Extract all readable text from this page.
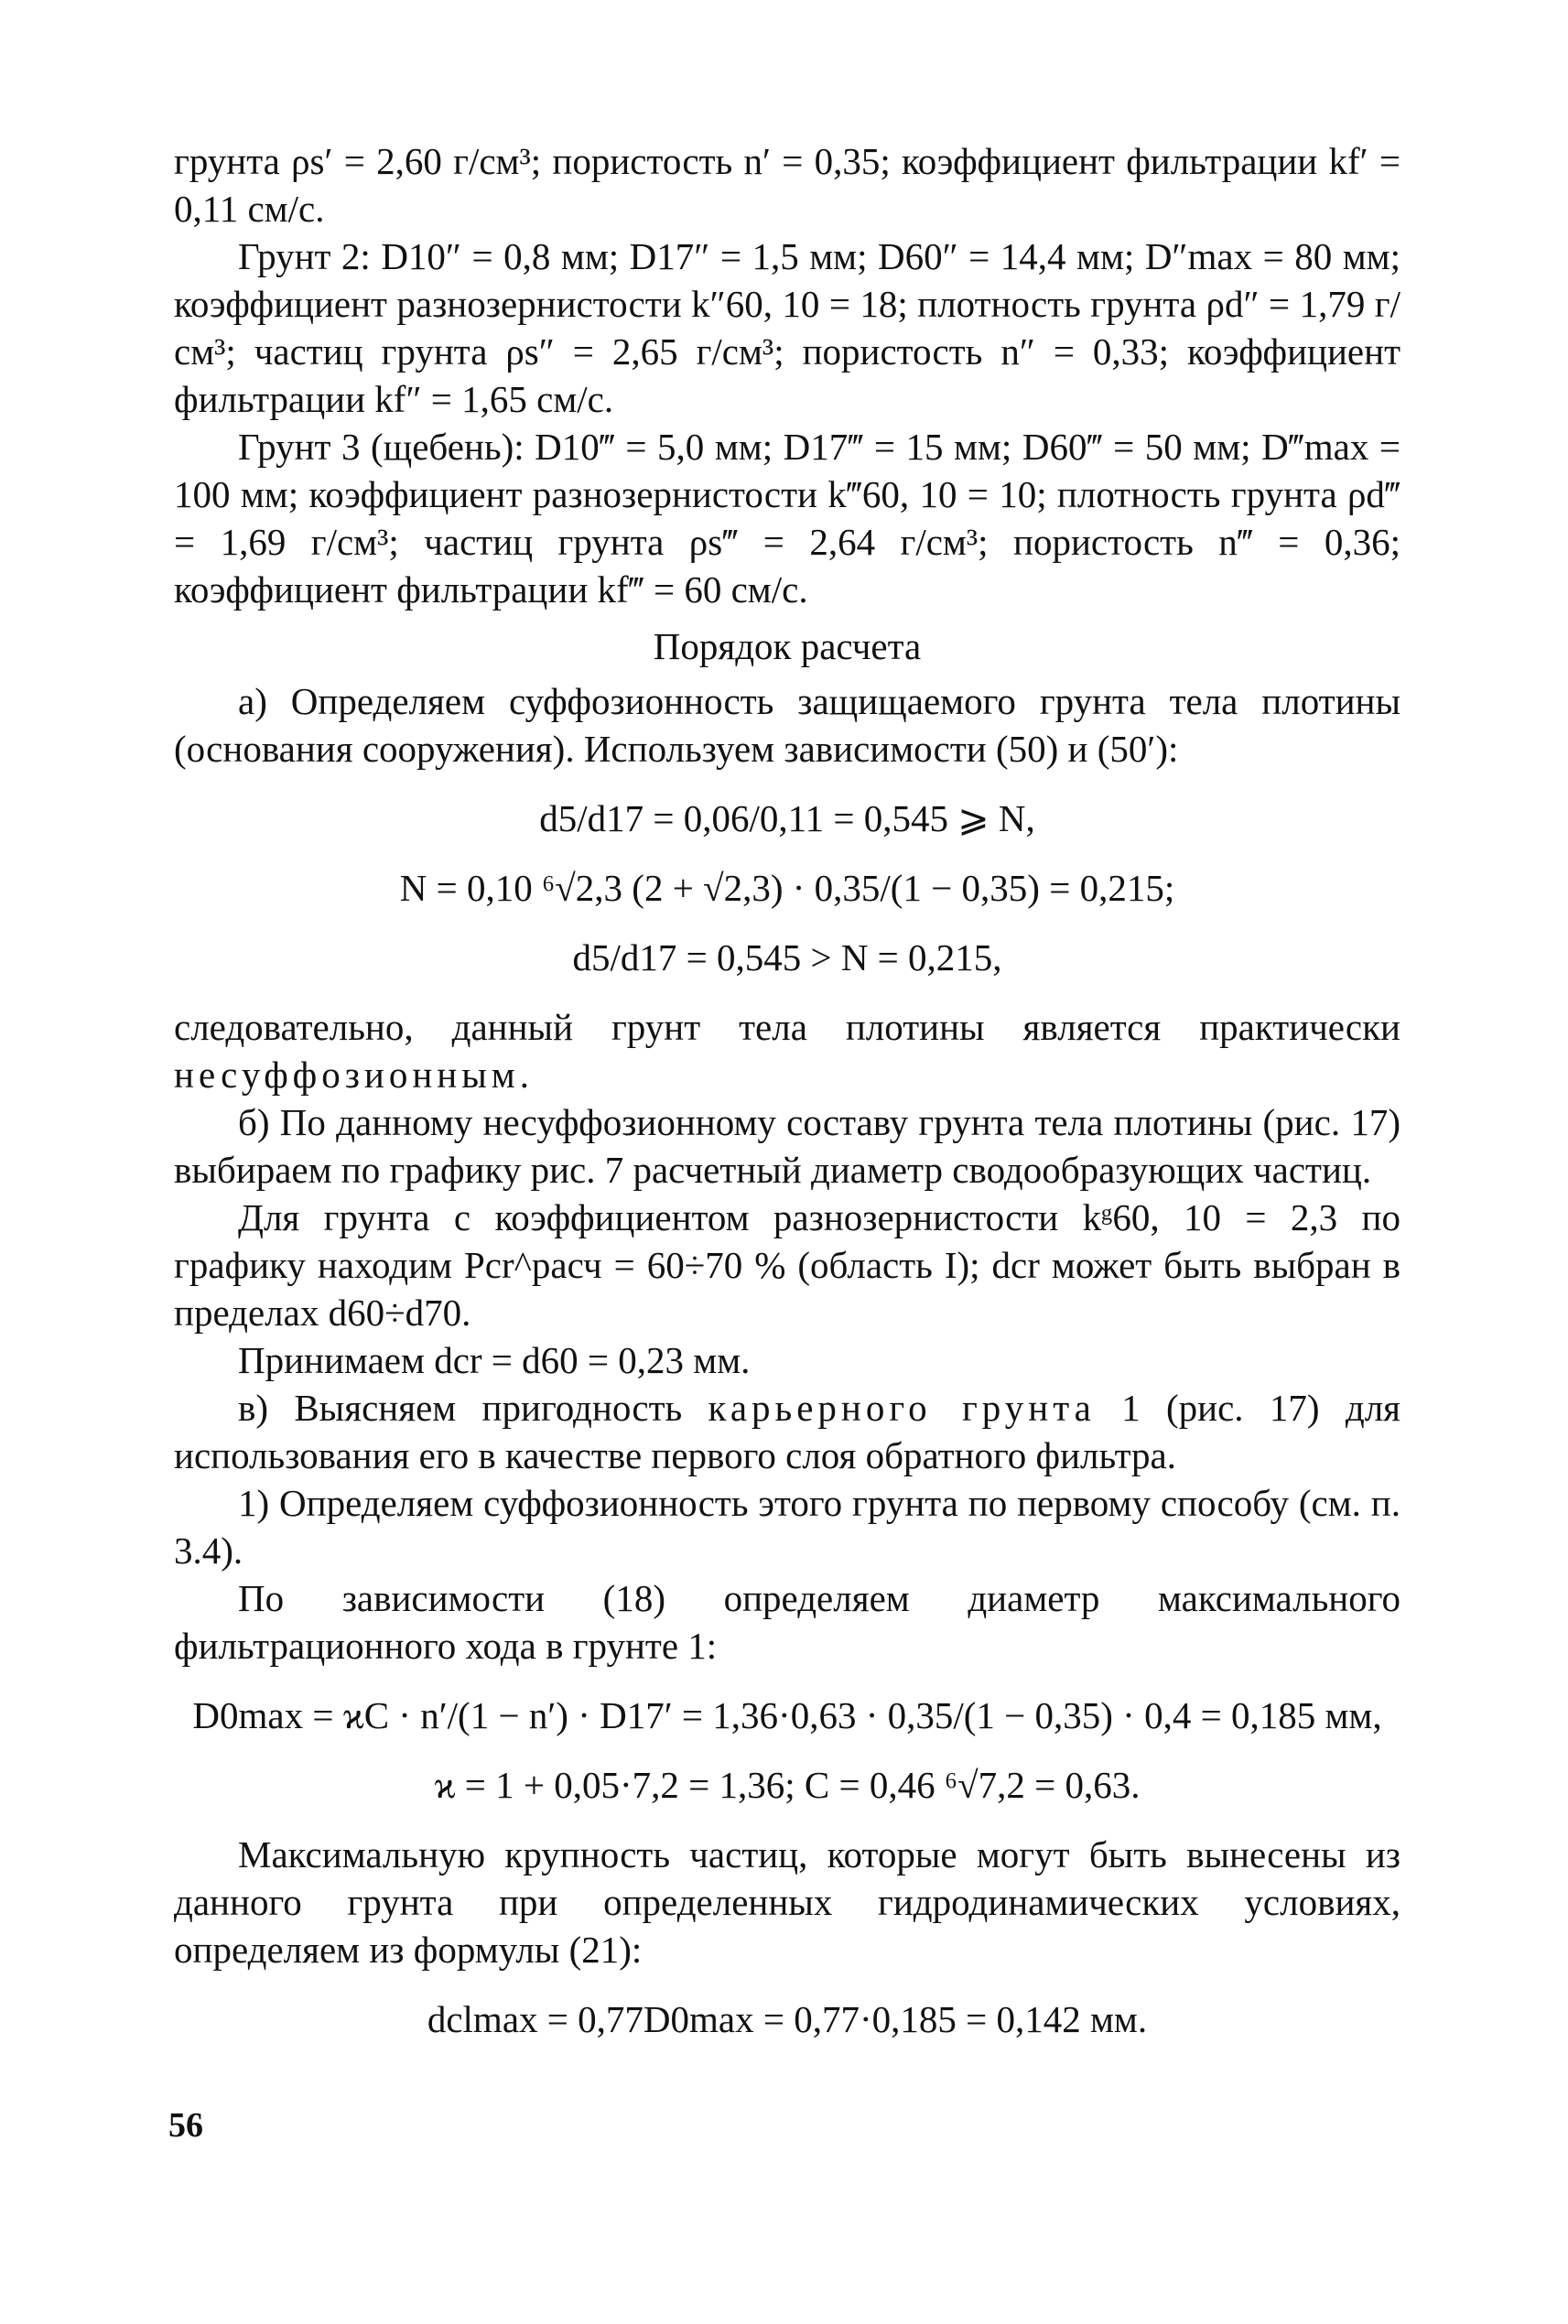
грунта ρs′ = 2,60 г/см³; пористость n′ = 0,35; коэффициент фильтрации kf′ = 0,11 см/с.

Грунт 2: D10″ = 0,8 мм; D17″ = 1,5 мм; D60″ = 14,4 мм; D″max = 80 мм; коэффициент разнозернистости k″60, 10 = 18; плотность грунта ρd″ = 1,79 г/см³; частиц грунта ρs″ = 2,65 г/см³; пористость n″ = 0,33; коэффициент фильтрации kf″ = 1,65 см/с.

Грунт 3 (щебень): D10‴ = 5,0 мм; D17‴ = 15 мм; D60‴ = 50 мм; D‴max = 100 мм; коэффициент разнозернистости k‴60, 10 = 10; плотность грунта ρd‴ = 1,69 г/см³; частиц грунта ρs‴ = 2,64 г/см³; пористость n‴ = 0,36; коэффициент фильтрации kf‴ = 60 см/с.

Порядок расчета

а) Определяем суффозионность защищаемого грунта тела плотины (основания сооружения). Используем зависимости (50) и (50′):

d5/d17 = 0,06/0,11 = 0,545 ⩾ N,
N = 0,10 ⁶√2,3 (2 + √2,3) · 0,35/(1 − 0,35) = 0,215;
d5/d17 = 0,545 > N = 0,215,

следовательно, данный грунт тела плотины является практически несуффозионным.

б) По данному несуффозионному составу грунта тела плотины (рис. 17) выбираем по графику рис. 7 расчетный диаметр сводообразующих частиц.

Для грунта с коэффициентом разнозернистости kᵍ60, 10 = 2,3 по графику находим Pcr^расч = 60÷70 % (область I); dcr может быть выбран в пределах d60÷d70.

Принимаем dcr = d60 = 0,23 мм.

в) Выясняем пригодность карьерного грунта 1 (рис. 17) для использования его в качестве первого слоя обратного фильтра.

1) Определяем суффозионность этого грунта по первому способу (см. п. 3.4).

По зависимости (18) определяем диаметр максимального фильтрационного хода в грунте 1:

D0max = ϰC · n′/(1 − n′) · D17′ = 1,36·0,63 · 0,35/(1 − 0,35) · 0,4 = 0,185 мм,
ϰ = 1 + 0,05·7,2 = 1,36; C = 0,46 ⁶√7,2 = 0,63.

Максимальную крупность частиц, которые могут быть вынесены из данного грунта при определенных гидродинамических условиях, определяем из формулы (21):

dclmax = 0,77D0max = 0,77·0,185 = 0,142 мм.
56
